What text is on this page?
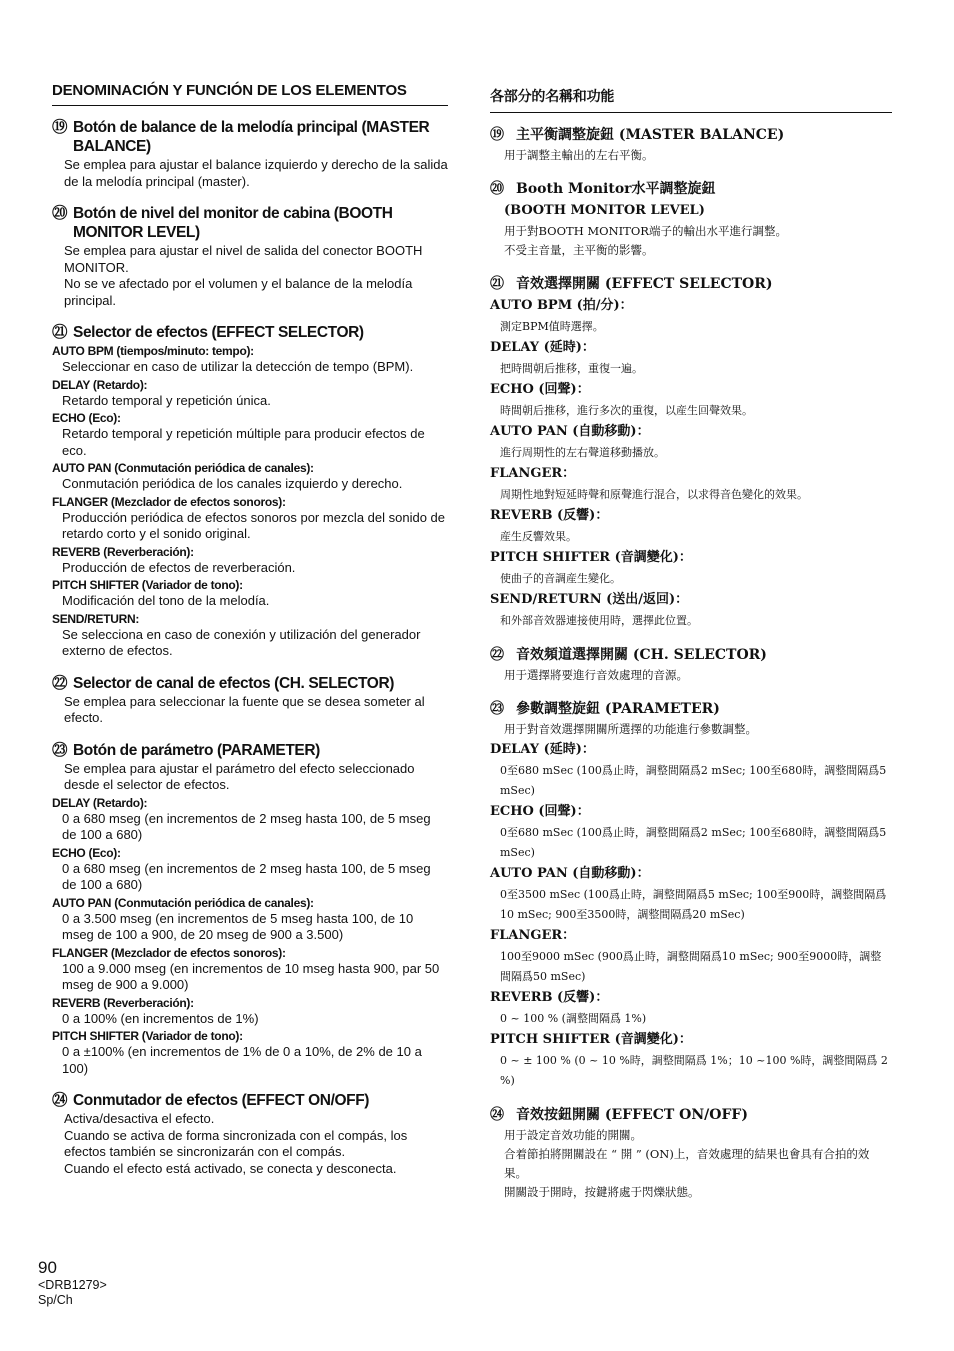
DENOMINACIÓN Y FUNCIÓN DE LOS ELEMENTOS
⑲ Botón de balance de la melodía principal (MASTER BALANCE)
Se emplea para ajustar el balance izquierdo y derecho de la salida de la melodía principal (master).
⑳ Botón de nivel del monitor de cabina (BOOTH MONITOR LEVEL)
Se emplea para ajustar el nivel de salida del conector BOOTH MONITOR.
No se ve afectado por el volumen y el balance de la melodía principal.
㉑ Selector de efectos (EFFECT SELECTOR)
AUTO BPM (tiempos/minuto: tempo):
Seleccionar en caso de utilizar la detección de tempo (BPM).
DELAY (Retardo):
Retardo temporal y repetición única.
ECHO (Eco):
Retardo temporal y repetición múltiple para producir efectos de eco.
AUTO PAN (Conmutación periódica de canales):
Conmutación periódica de los canales izquierdo y derecho.
FLANGER (Mezclador de efectos sonoros):
Producción periódica de efectos sonoros por mezcla del sonido de retardo corto y el sonido original.
REVERB (Reverberación):
Producción de efectos de reverberación.
PITCH SHIFTER (Variador de tono):
Modificación del tono de la melodía.
SEND/RETURN:
Se selecciona en caso de conexión y utilización del generador externo de efectos.
㉒ Selector de canal de efectos (CH. SELECTOR)
Se emplea para seleccionar la fuente que se desea someter al efecto.
㉓ Botón de parámetro (PARAMETER)
Se emplea para ajustar el parámetro del efecto seleccionado desde el selector de efectos.
DELAY (Retardo):
0 a 680 mseg (en incrementos de 2 mseg hasta 100, de 5 mseg de 100 a 680)
ECHO (Eco):
0 a 680 mseg (en incrementos de 2 mseg hasta 100, de 5 mseg de 100 a 680)
AUTO PAN (Conmutación periódica de canales):
0 a 3.500 mseg (en incrementos de 5 mseg hasta 100, de 10 mseg de 100 a 900, de 20 mseg de 900 a 3.500)
FLANGER (Mezclador de efectos sonoros):
100 a 9.000 mseg (en incrementos de 10 mseg hasta 900, par 50 mseg de 900 a 9.000)
REVERB (Reverberación):
0 a 100% (en incrementos de 1%)
PITCH SHIFTER (Variador de tono):
0 a ±100% (en incrementos de 1% de 0 a 10%, de 2% de 10 a 100)
㉔ Conmutador de efectos (EFFECT ON/OFF)
Activa/desactiva el efecto.
Cuando se activa de forma sincronizada con el compás, los efectos también se sincronizarán con el compás.
Cuando el efecto está activado, se conecta y desconecta.
各部分的名稱和功能
⑲ 主平衡調整旋鈕 (MASTER BALANCE)
用于調整主輸出的左右平衡。
⑳ Booth Monitor水平調整旋鈕
(BOOTH MONITOR LEVEL)
用于對BOOTH MONITOR端子的輸出水平進行調整。
不受主音量，主平衡的影響。
㉑ 音效選擇開關 (EFFECT SELECTOR)
AUTO BPM (拍/分)：
測定BPM值時選擇。
DELAY (延時)：
把時間朝后推移，重復一遍。
ECHO (回聲)：
時間朝后推移，進行多次的重復，以産生回聲效果。
AUTO PAN (自動移動)：
進行周期性的左右聲道移動播放。
FLANGER：
周期性地對短延時聲和原聲進行混合，以求得音色變化的效果。
REVERB (反響)：
産生反響效果。
PITCH SHIFTER (音調變化)：
使曲子的音調産生變化。
SEND/RETURN (送出/返回)：
和外部音效器連接使用時，選擇此位置。
㉒ 音效頻道選擇開關 (CH. SELECTOR)
用于選擇將要進行音效處理的音源。
㉓ 參數調整旋鈕 (PARAMETER)
用于對音效選擇開關所選擇的功能進行參數調整。
DELAY (延時)：
0至680 mSec (100爲止時，調整間隔爲2 mSec; 100至680時，調整間隔爲5 mSec)
ECHO (回聲)：
0至680 mSec (100爲止時，調整間隔爲2 mSec; 100至680時，調整間隔爲5 mSec)
AUTO PAN (自動移動)：
0至3500 mSec (100爲止時，調整間隔爲5 mSec; 100至900時，調整間隔爲10 mSec; 900至3500時，調整間隔爲20 mSec)
FLANGER：
100至9000 mSec (900爲止時，調整間隔爲10 mSec; 900至9000時，調整間隔爲50 mSec)
REVERB (反響)：
0 ~ 100 % (調整間隔爲 1%)
PITCH SHIFTER (音調變化)：
0 ~ ± 100 % (0 ~ 10 %時，調整間隔爲 1%；10 ~100 %時，調整間隔爲 2 %)
㉔ 音效按鈕開關 (EFFECT ON/OFF)
用于設定音效功能的開關。
合着節拍將開關設在 “ 開 ” (ON)上，音效處理的結果也會具有合拍的效果。
開關設于開時，按鍵將處于閃爍狀態。
90
<DRB1279>
Sp/Ch
